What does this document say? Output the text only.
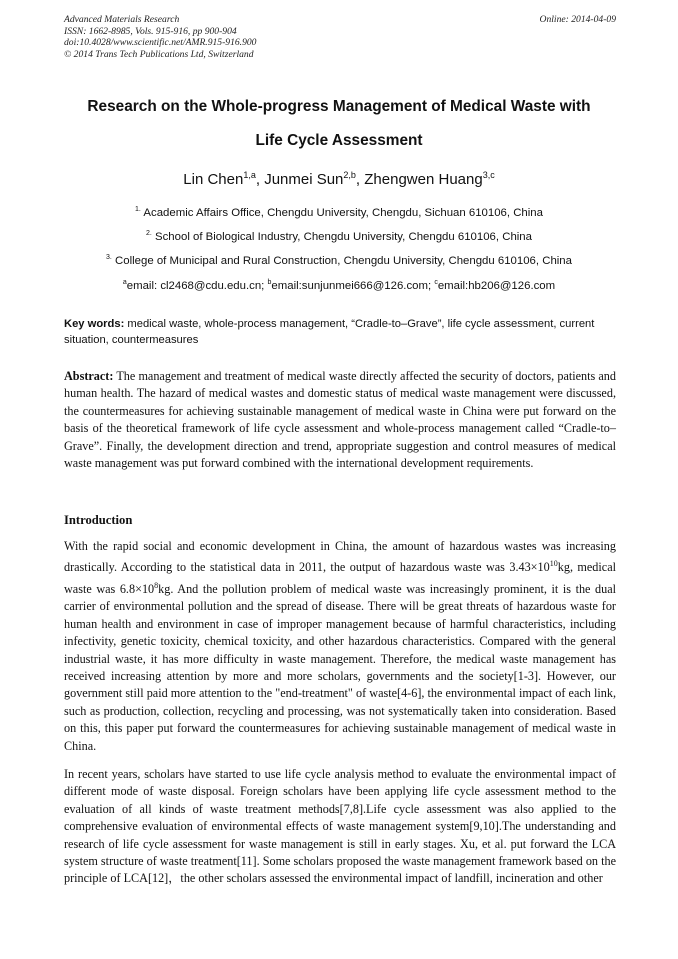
Advanced Materials Research
ISSN: 1662-8985, Vols. 915-916, pp 900-904
doi:10.4028/www.scientific.net/AMR.915-916.900
© 2014 Trans Tech Publications Ltd, Switzerland
Online: 2014-04-09
Research on the Whole-progress Management of Medical Waste with
Life Cycle Assessment
Lin Chen$^{1,a}$, Junmei Sun$^{2,b}$, Zhengwen Huang$^{3,c}$
$^{1.}$ Academic Affairs Office, Chengdu University, Chengdu, Sichuan 610106, China
$^{2.}$ School of Biological Industry, Chengdu University, Chengdu 610106, China
$^{3.}$ College of Municipal and Rural Construction, Chengdu University, Chengdu 610106, China
$^a$email: cl2468@cdu.edu.cn; $^b$email:sunjunmei666@126.com; $^c$email:hb206@126.com
Key words: medical waste, whole-process management, “Cradle-to–Grave”, life cycle assessment, current situation, countermeasures
Abstract: The management and treatment of medical waste directly affected the security of doctors, patients and human health. The hazard of medical wastes and domestic status of medical waste management were discussed, the countermeasures for achieving sustainable management of medical waste in China were put forward on the basis of the theoretical framework of life cycle assessment and whole-process management called “Cradle-to–Grave”. Finally, the development direction and trend, appropriate suggestion and control measures of medical waste management was put forward combined with the international development requirements.
Introduction
With the rapid social and economic development in China, the amount of hazardous wastes was increasing drastically. According to the statistical data in 2011, the output of hazardous waste was $3.43\times 10^{10}kg$, medical waste was $6.8\times 10^8kg$. And the pollution problem of medical waste was increasingly prominent, it is the dual carrier of environmental pollution and the spread of disease. There will be great threats of hazardous waste for human health and environment in case of improper management because of harmful characteristics, including infectivity, genetic toxicity, chemical toxicity, and other hazardous characteristics. Compared with the general industrial waste, it has more difficulty in waste management. Therefore, the medical waste management has received increasing attention by more and more scholars, governments and the society[1-3]. However, our government still paid more attention to the "end-treatment" of waste[4-6], the environmental impact of each link, such as production, collection, recycling and processing, was not systematically taken into consideration. Based on this, this paper put forward the countermeasures for achieving sustainable management of medical waste in China.
In recent years, scholars have started to use life cycle analysis method to evaluate the environmental impact of different mode of waste disposal. Foreign scholars have been applying life cycle assessment method to the evaluation of all kinds of waste treatment methods[7,8].Life cycle assessment was also applied to the comprehensive evaluation of environmental effects of waste management system[9,10].The understanding and research of life cycle assessment for waste management is still in early stages. Xu, et al. put forward the LCA system structure of waste treatment[11]. Some scholars proposed the waste management framework based on the principle of LCA[12]，the other scholars assessed the environmental impact of landfill, incineration and other
